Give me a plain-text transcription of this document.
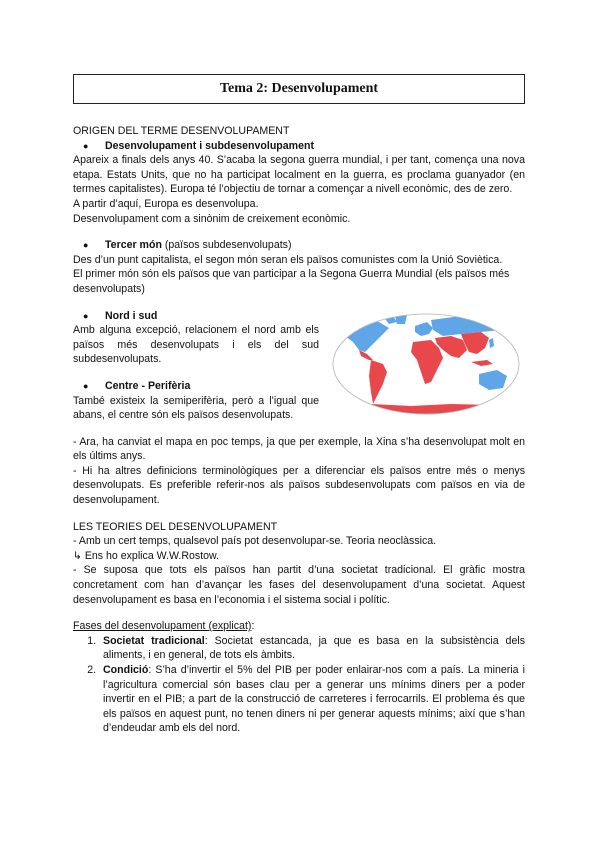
Tema 2: Desenvolupament

ORIGEN DEL TERME DESENVOLUPAMENT

●	Desenvolupament i subdesenvolupament

Apareix a finals dels anys 40. S’acaba la segona guerra mundial, i per tant, comença una nova etapa. Estats Units, que no ha participat localment en la guerra, es proclama guanyador (en termes capitalistes). Europa té l’objectiu de tornar a començar a nivell econòmic, des de zero.

A partir d’aquí, Europa es desenvolupa.

Desenvolupament com a sinònim de creixement econòmic.

●	Tercer món (països subdesenvolupats)

Des d’un punt capitalista, el segon món seran els països comunistes com la Unió Soviètica.

El primer món són els països que van participar a la Segona Guerra Mundial (els països més desenvolupats)

●	Nord i sud

Amb alguna excepció, relacionem el nord amb els països més desenvolupats i els del sud subdesenvolupats.

●	Centre - Perifèria

També existeix la semiperifèria, però a l’igual que abans, el centre són els països desenvolupats.

- Ara, ha canviat el mapa en poc temps, ja que per exemple, la Xina s’ha desenvolupat molt en els últims anys.

- Hi ha altres definicions terminològiques per a diferenciar els països entre més o menys desenvolupats. Es preferible referir-nos als països subdesenvolupats com països en via de desenvolupament.

LES TEORIES DEL DESENVOLUPAMENT

- Amb un cert temps, qualsevol país pot desenvolupar-se. Teoria neoclàssica.

↳ Ens ho explica W.W.Rostow.

- Se suposa que tots els països han partit d’una societat tradicional. El gràfic mostra concretament com han d’avançar les fases del desenvolupament d’una societat. Aquest desenvolupament es basa en l’economia i el sistema social i polític.

Fases del desenvolupament (explicat):

1. Societat tradicional: Societat estancada, ja que es basa en la subsistència dels aliments, i en general, de tots els àmbits.
2. Condició: S’ha d’invertir el 5% del PIB per poder enlairar-nos com a país. La mineria i l’agricultura comercial són bases clau per a generar uns mínims diners per a poder invertir en el PIB; a part de la construcció de carreteres i ferrocarrils. El problema és que els països en aquest punt, no tenen diners ni per generar aquests mínims; així que s’han d’endeudar amb els del nord.
